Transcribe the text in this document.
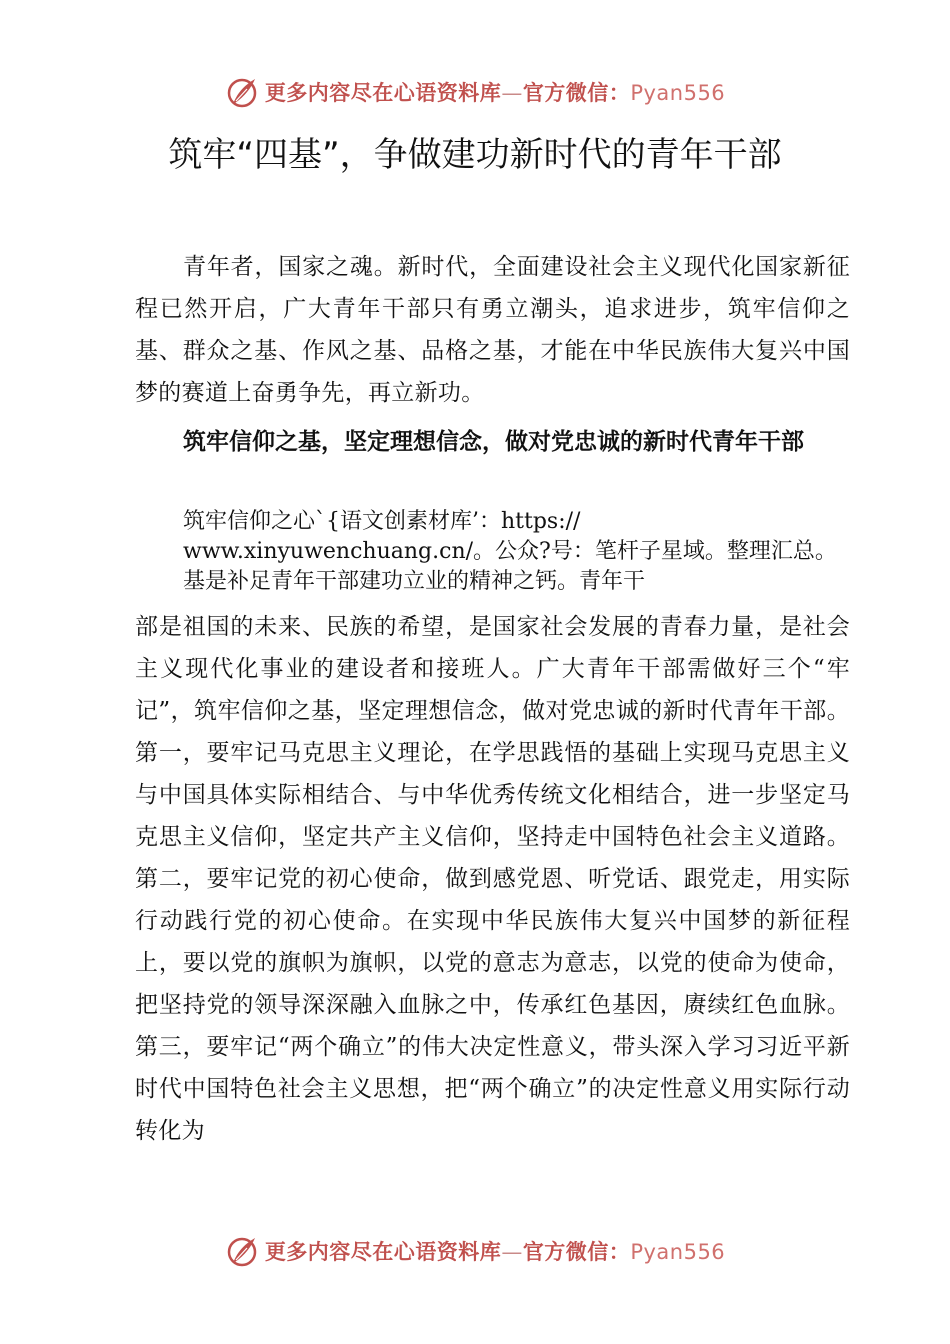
更多内容尽在心语资料库—官方微信：Pyan556
筑牢“四基”，争做建功新时代的青年干部

青年者，国家之魂。新时代，全面建设社会主义现代化国家新征程已然开启，广大青年干部只有勇立潮头，追求进步，筑牢信仰之基、群众之基、作风之基、品格之基，才能在中华民族伟大复兴中国梦的赛道上奋勇争先，再立新功。

筑牢信仰之基，坚定理想信念，做对党忠诚的新时代青年干部

筑牢信仰之心`{语文创素材库’：https://
www.xinyuwenchuang.cn/。公众?号：笔杆子星域。整理汇总。
基是补足青年干部建功立业的精神之钙。青年干

部是祖国的未来、民族的希望，是国家社会发展的青春力量，是社会主义现代化事业的建设者和接班人。广大青年干部需做好三个“牢记”，筑牢信仰之基，坚定理想信念，做对党忠诚的新时代青年干部。第一，要牢记马克思主义理论，在学思践悟的基础上实现马克思主义与中国具体实际相结合、与中华优秀传统文化相结合，进一步坚定马克思主义信仰，坚定共产主义信仰，坚持走中国特色社会主义道路。第二，要牢记党的初心使命，做到感党恩、听党话、跟党走，用实际行动践行党的初心使命。在实现中华民族伟大复兴中国梦的新征程上，要以党的旗帜为旗帜，以党的意志为意志，以党的使命为使命，把坚持党的领导深深融入血脉之中，传承红色基因，赓续红色血脉。第三，要牢记“两个确立”的伟大决定性意义，带头深入学习习近平新时代中国特色社会主义思想，把“两个确立”的决定性意义用实际行动转化为

更多内容尽在心语资料库—官方微信：Pyan556
